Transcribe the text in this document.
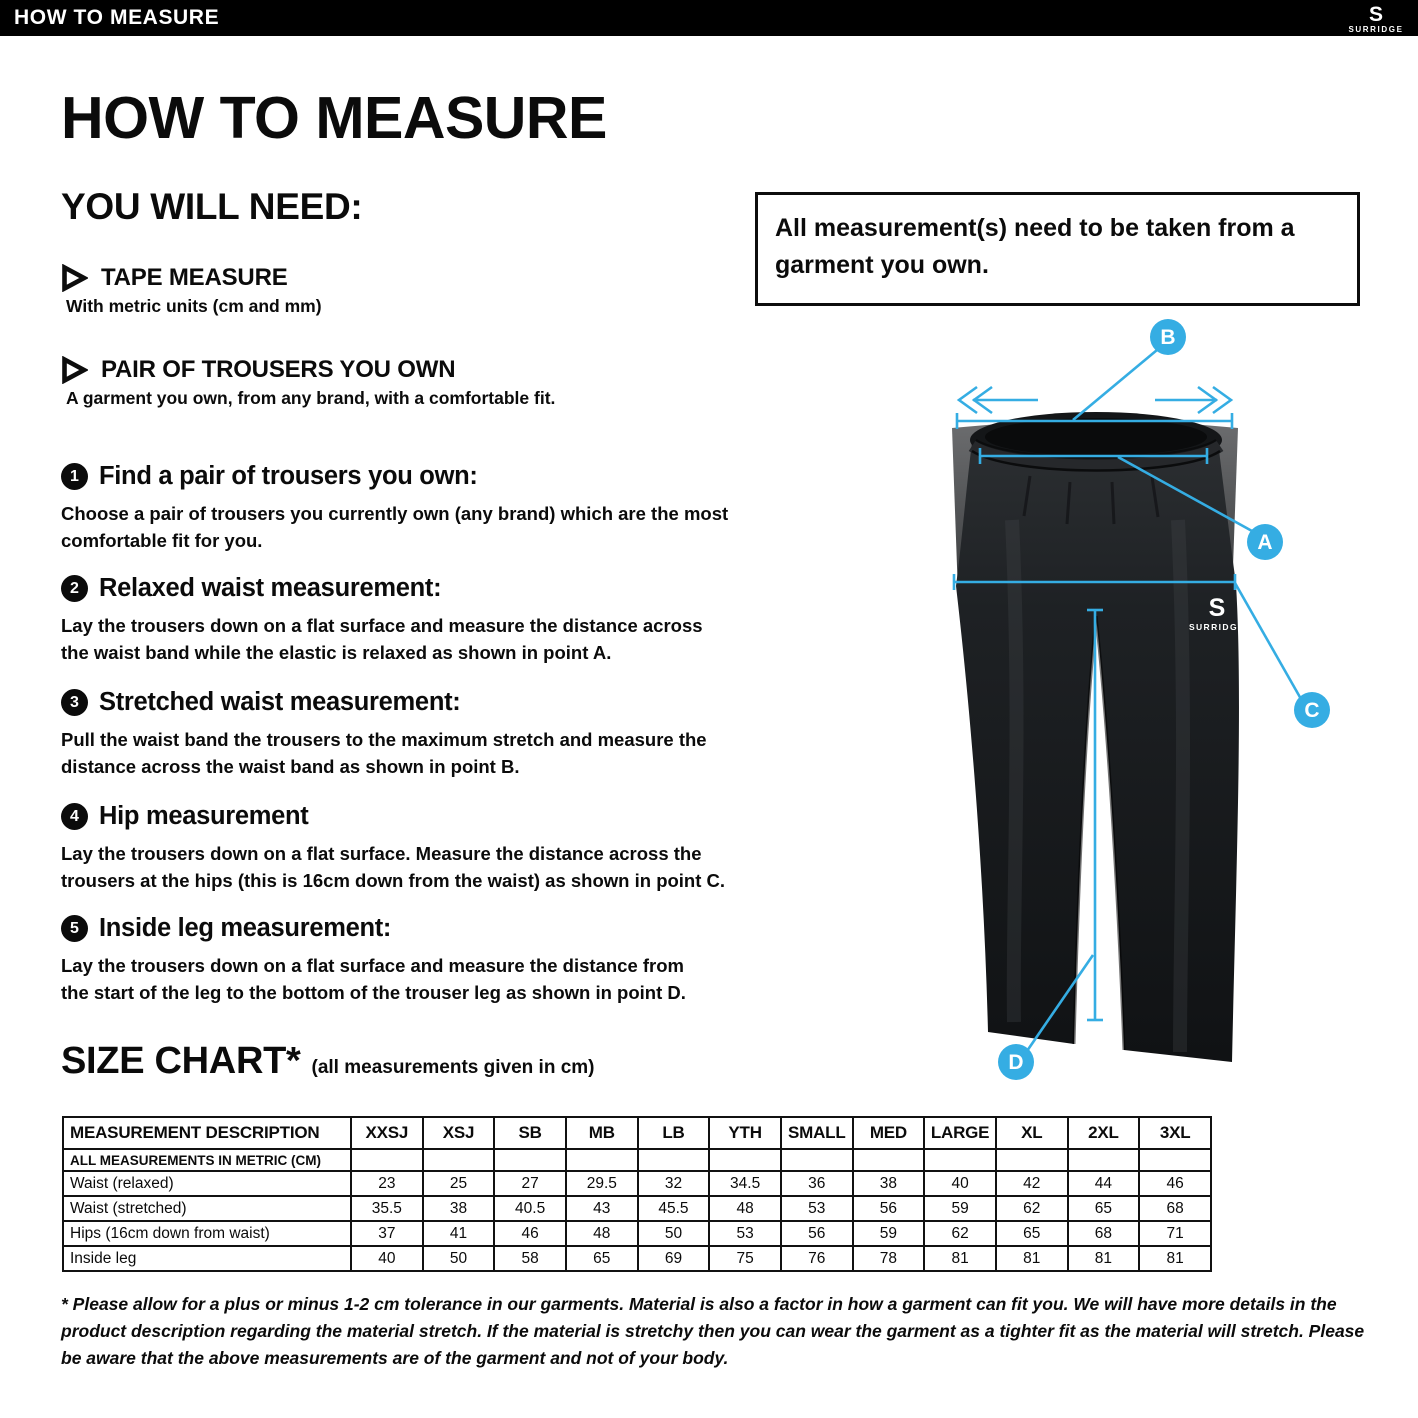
HOW TO MEASURE	S
SURRIDGE
HOW TO MEASURE
YOU WILL NEED:
TAPE MEASURE
With metric units (cm and mm)
PAIR OF TROUSERS YOU OWN
A garment you own, from any brand, with a comfortable fit.
1 Find a pair of trousers you own:
Choose a pair of trousers you currently own (any brand) which are the most
comfortable fit for you.
2 Relaxed waist measurement:
Lay the trousers down on a flat surface and measure the distance across
the waist band while the elastic is relaxed as shown in point A.
3 Stretched waist measurement:
Pull the waist band the trousers to the maximum stretch and measure the
distance across the waist band as shown in point B.
4 Hip measurement
Lay the trousers down on a flat surface. Measure the distance across the
trousers at the hips (this is 16cm down from the waist) as shown in point C.
5 Inside leg measurement:
Lay the trousers down on a flat surface and measure the distance from
the start of the leg to the bottom of the trouser leg as shown in point D.
All measurement(s) need to be taken from a
garment you own.
S
SURRIDGE
B
A
C
D
SIZE CHART* (all measurements given in cm)
MEASUREMENT DESCRIPTION	XXSJ	XSJ	SB	MB	LB	YTH	SMALL	MED	LARGE	XL	2XL	3XL
ALL MEASUREMENTS IN METRIC (CM)												
Waist (relaxed)	23	25	27	29.5	32	34.5	36	38	40	42	44	46
Waist (stretched)	35.5	38	40.5	43	45.5	48	53	56	59	62	65	68
Hips (16cm down from waist)	37	41	46	48	50	53	56	59	62	65	68	71
Inside leg	40	50	58	65	69	75	76	78	81	81	81	81
* Please allow for a plus or minus 1-2 cm tolerance in our garments. Material is also a factor in how a garment can fit you. We will have more details in the product description regarding the material stretch. If the material is stretchy then you can wear the garment as a tighter fit as the material will stretch. Please be aware that the above measurements are of the garment and not of your body.
